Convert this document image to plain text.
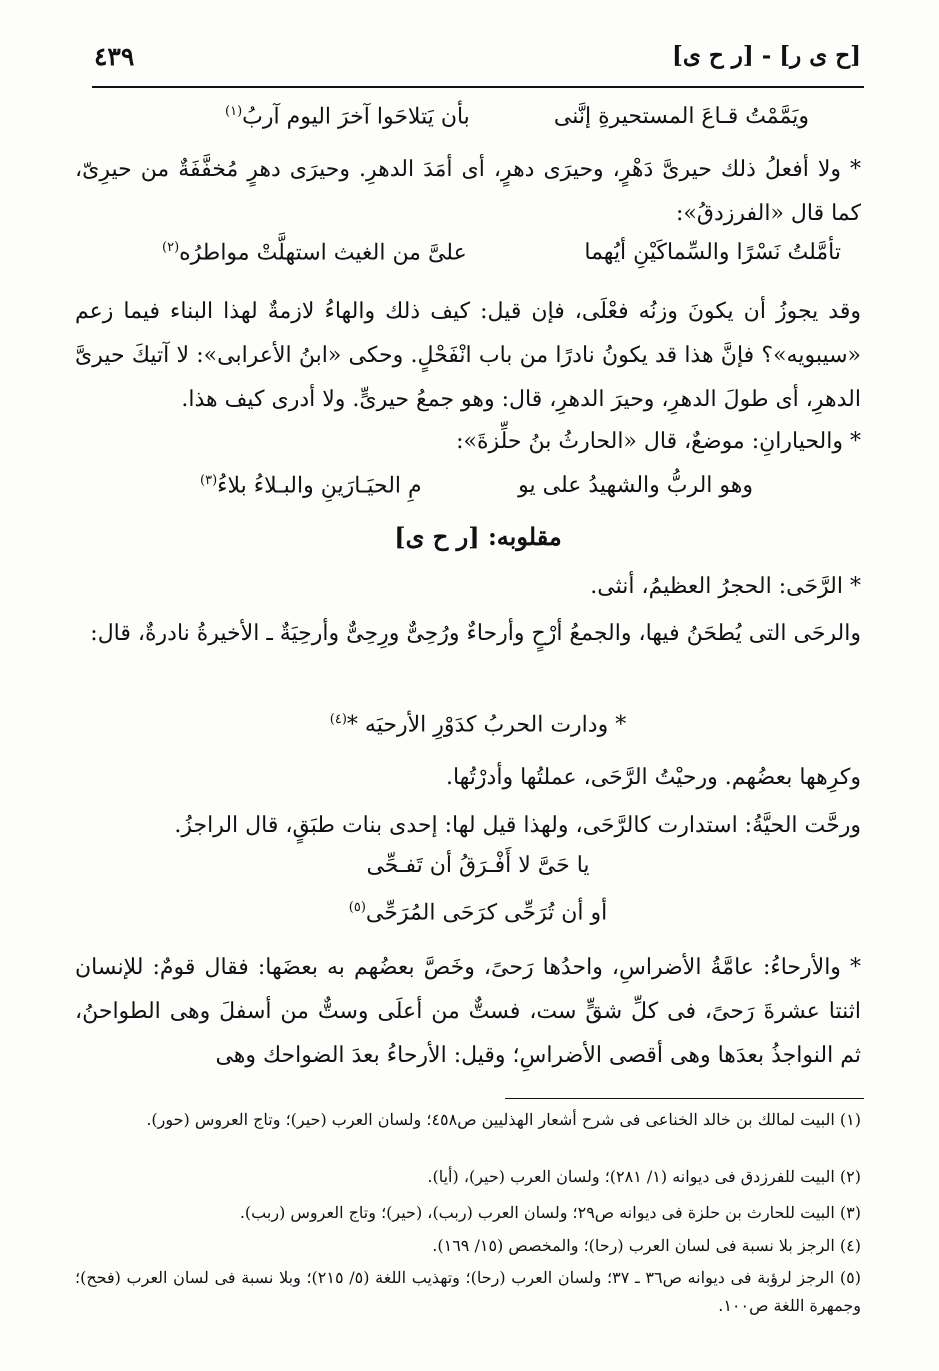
[ح ى ر] - [ر ح ى]
٤٣٩
ويَمَّمْتُ قـاعَ المستحيرةِ إنَّنى
بأن يَتلاحَوا آخرَ اليوم آربُ$^{(١)}$
* ولا أفعلُ ذلك حيرىَّ دَهْرٍ، وحيرَى دهرٍ، أى أمَدَ الدهرِ. وحيرَى دهرٍ مُخفَّفَةٌ من حيرِىّ، كما قال «الفرزدقُ»:
تأمَّلتُ نَسْرًا والسِّماكَيْنِ أيُهما
علىَّ من الغيث استهلَّتْ مواطرُه$^{(٢)}$
وقد يجوزُ أن يكونَ وزنُه فعْلَى، فإن قيل: كيف ذلك والهاءُ لازمةٌ لهذا البناء فيما زعم «سيبويه»؟ فإنَّ هذا قد يكونُ نادرًا من باب انْفَحْلٍ. وحكى «ابنُ الأعرابى»: لا آتيكَ حيرىَّ الدهرِ، أى طولَ الدهرِ، وحيرَ الدهرِ، قال: وهو جمعُ حيرىٍّ. ولا أدرى كيف هذا.
* والحيارانِ: موضعٌ، قال «الحارثُ بنُ حلِّزةَ»:
وهو الربُّ والشهيدُ على يو
مِ الحيَـارَينِ والبـلاءُ بلاءُ$^{(٣)}$
مقلوبه: [ر ح ى]
* الرَّحَى: الحجرُ العظيمُ، أنثى.
والرحَى التى يُطحَنُ فيها، والجمعُ أرْحٍ وأرحاءٌ ورُحِىٌّ ورِحِىٌّ وأرحِيَةٌ ـ الأخيرةُ نادرةٌ، قال:
* ودارت الحربُ كدَوْرِ الأرحيَه *$^{(٤)}$
وكرِهها بعضُهم. ورحيْتُ الرَّحَى، عملتُها وأدرْتُها.
ورحَّت الحيَّةُ: استدارت كالرَّحَى، ولهذا قيل لها: إحدى بنات طبَقٍ، قال الراجزُ.
يا حَىَّ لا أَفْـرَقُ أن تَفـحِّى
أو أن تُرَحِّى كرَحَى المُرَحِّى$^{(٥)}$
* والأرحاءُ: عامَّةُ الأضراسِ، واحدُها رَحىً، وخَصَّ بعضُهم به بعضَها: فقال قومٌ: للإنسان اثنتا عشرةَ رَحىً، فى كلِّ شقٍّ ست، فستٌّ من أعلَى وستٌّ من أسفلَ وهى الطواحنُ، ثم النواجذُ بعدَها وهى أقصى الأضراسِ؛ وقيل: الأرحاءُ بعدَ الضواحك وهى
(١) البيت لمالك بن خالد الخناعى فى شرح أشعار الهذليين ص٤٥٨؛ ولسان العرب (حير)؛ وتاج العروس (حور).
(٢) البيت للفرزدق فى ديوانه (١/ ٢٨١)؛ ولسان العرب (حير)، (أيا).
(٣) البيت للحارث بن حلزة فى ديوانه ص٢٩؛ ولسان العرب (ربب)، (حير)؛ وتاج العروس (ربب).
(٤) الرجز بلا نسبة فى لسان العرب (رحا)؛ والمخصص (١٥/ ١٦٩).
(٥) الرجز لرؤبة فى ديوانه ص٣٦ ـ ٣٧؛ ولسان العرب (رحا)؛ وتهذيب اللغة (٥/ ٢١٥)؛ وبلا نسبة فى لسان العرب (فحح)؛ وجمهرة اللغة ص١٠٠.
